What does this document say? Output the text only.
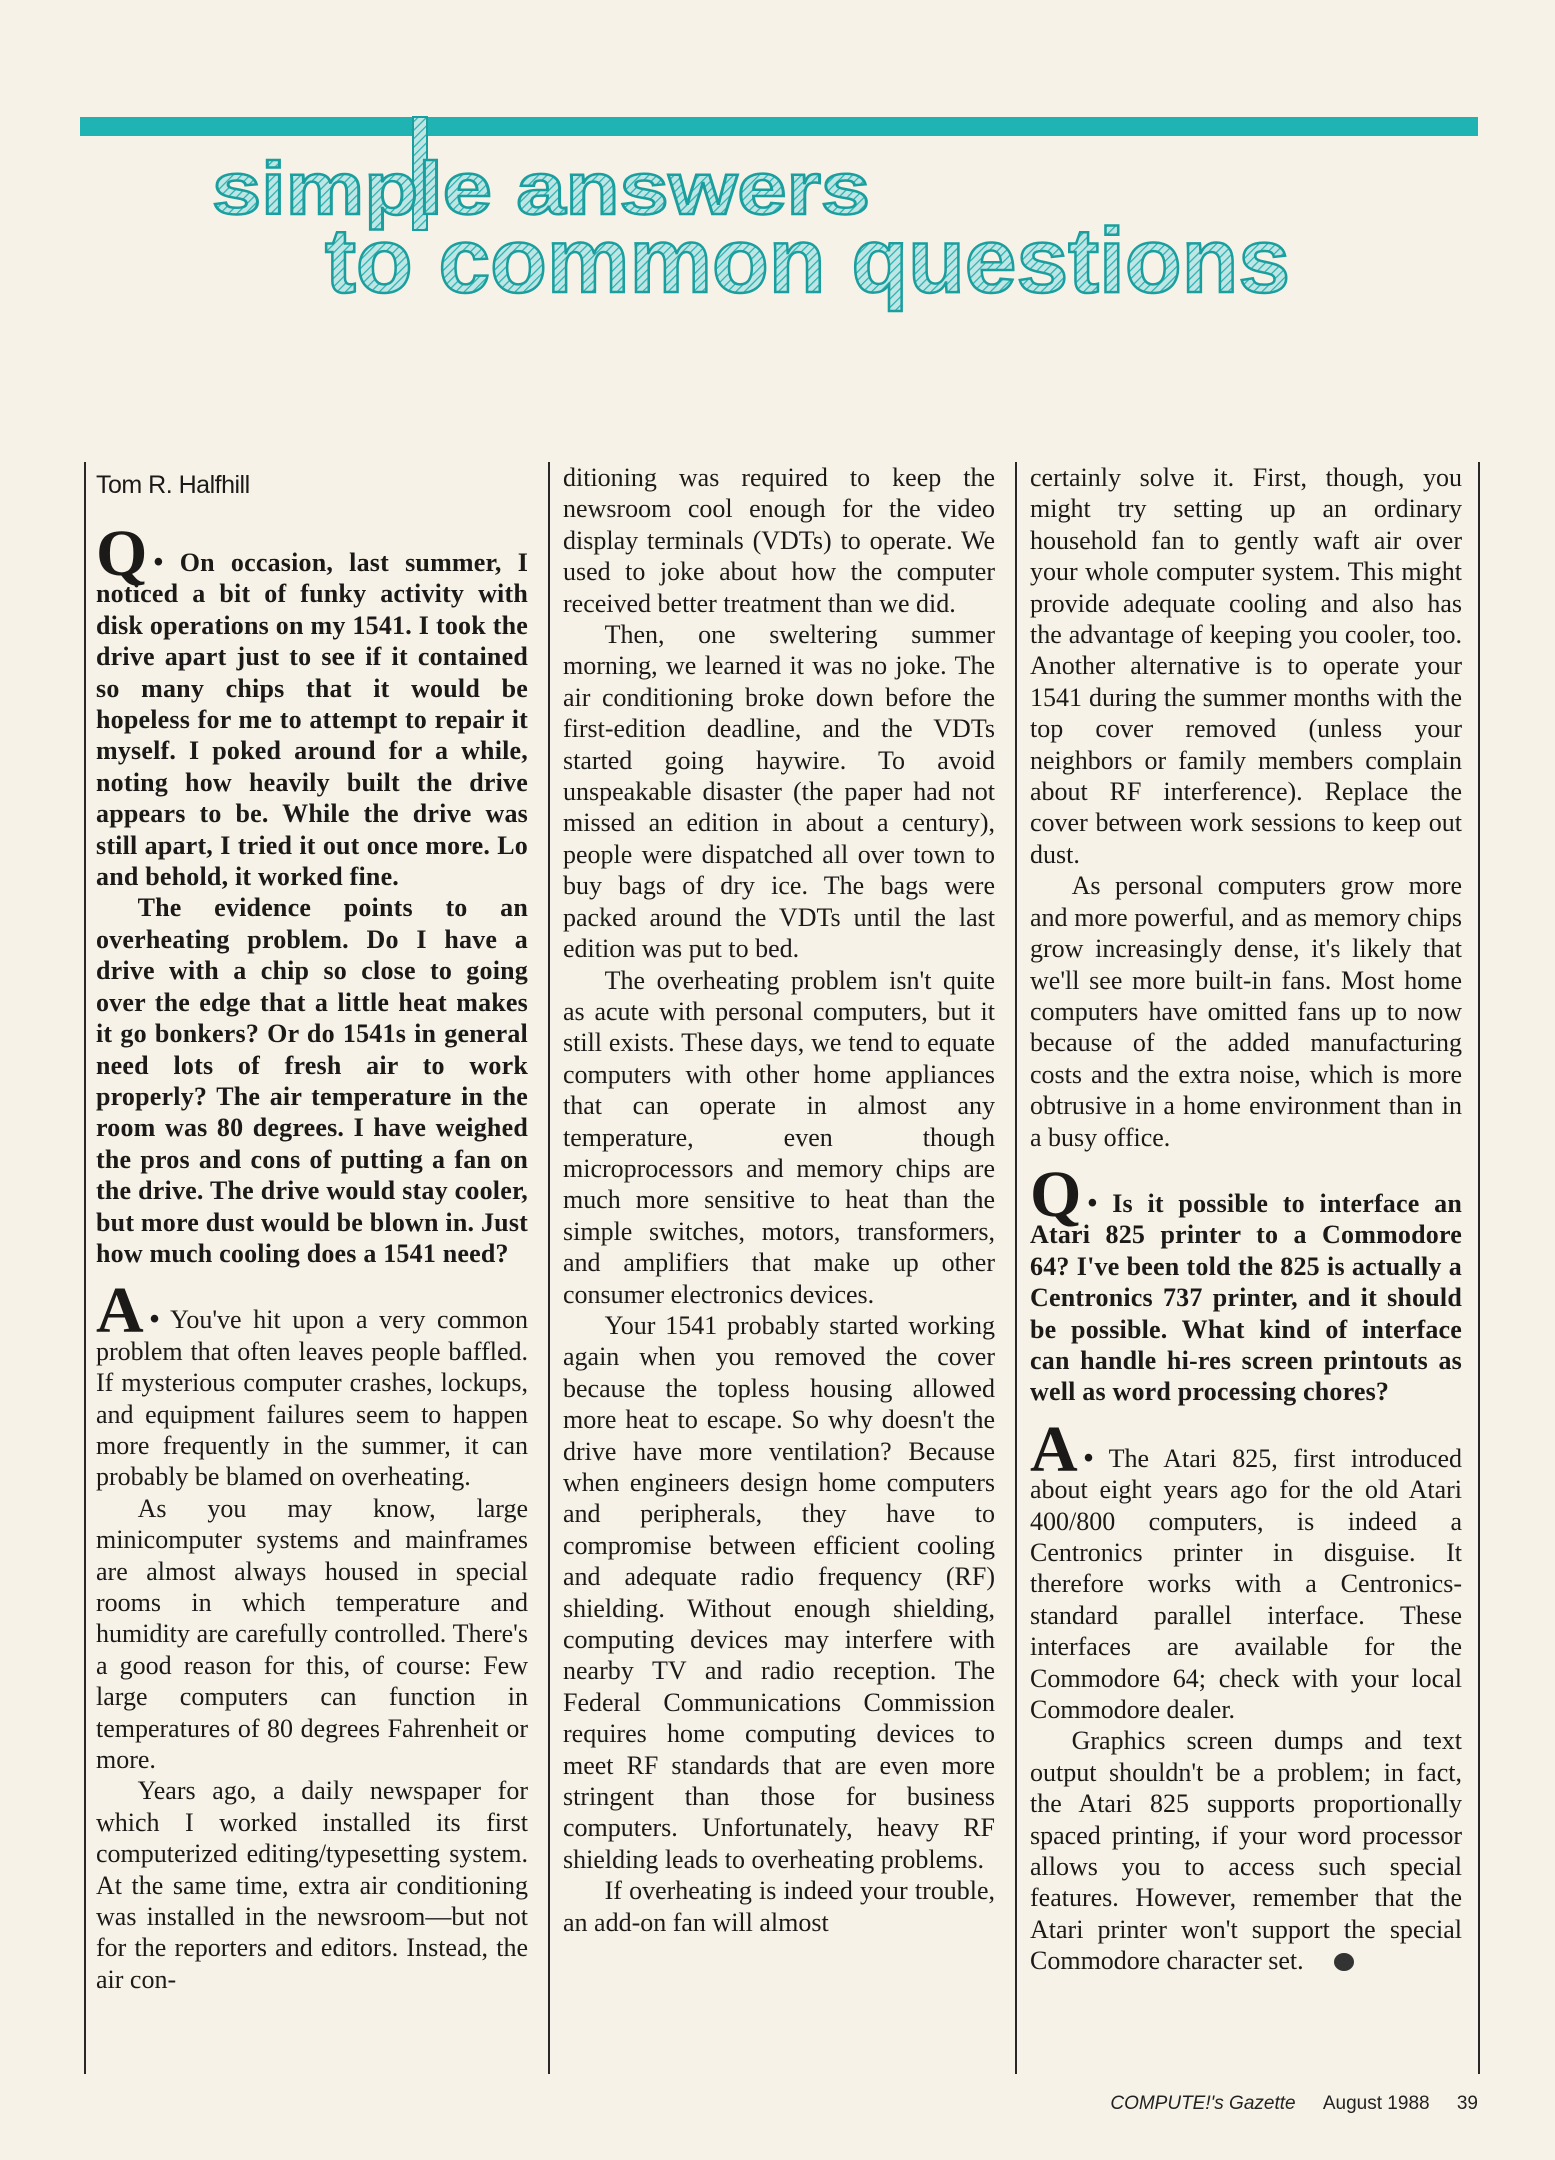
simple answers
to common questions
Tom R. Halfhill

Q • On occasion, last summer, I noticed a bit of funky activity with disk operations on my 1541. I took the drive apart just to see if it contained so many chips that it would be hopeless for me to attempt to repair it myself. I poked around for a while, noting how heavily built the drive appears to be. While the drive was still apart, I tried it out once more. Lo and behold, it worked fine.

The evidence points to an overheating problem. Do I have a drive with a chip so close to going over the edge that a little heat makes it go bonkers? Or do 1541s in general need lots of fresh air to work properly? The air temperature in the room was 80 degrees. I have weighed the pros and cons of putting a fan on the drive. The drive would stay cooler, but more dust would be blown in. Just how much cooling does a 1541 need?

A • You've hit upon a very common problem that often leaves people baffled. If mysterious computer crashes, lockups, and equipment failures seem to happen more frequently in the summer, it can probably be blamed on overheating.

As you may know, large minicomputer systems and mainframes are almost always housed in special rooms in which temperature and humidity are carefully controlled. There's a good reason for this, of course: Few large computers can function in temperatures of 80 degrees Fahrenheit or more.

Years ago, a daily newspaper for which I worked installed its first computerized editing/typesetting system. At the same time, extra air conditioning was installed in the newsroom—but not for the reporters and editors. Instead, the air con-

ditioning was required to keep the newsroom cool enough for the video display terminals (VDTs) to operate. We used to joke about how the computer received better treatment than we did.

Then, one sweltering summer morning, we learned it was no joke. The air conditioning broke down before the first-edition deadline, and the VDTs started going haywire. To avoid unspeakable disaster (the paper had not missed an edition in about a century), people were dispatched all over town to buy bags of dry ice. The bags were packed around the VDTs until the last edition was put to bed.

The overheating problem isn't quite as acute with personal computers, but it still exists. These days, we tend to equate computers with other home appliances that can operate in almost any temperature, even though microprocessors and memory chips are much more sensitive to heat than the simple switches, motors, transformers, and amplifiers that make up other consumer electronics devices.

Your 1541 probably started working again when you removed the cover because the topless housing allowed more heat to escape. So why doesn't the drive have more ventilation? Because when engineers design home computers and peripherals, they have to compromise between efficient cooling and adequate radio frequency (RF) shielding. Without enough shielding, computing devices may interfere with nearby TV and radio reception. The Federal Communications Commission requires home computing devices to meet RF standards that are even more stringent than those for business computers. Unfortunately, heavy RF shielding leads to overheating problems.

If overheating is indeed your trouble, an add-on fan will almost

certainly solve it. First, though, you might try setting up an ordinary household fan to gently waft air over your whole computer system. This might provide adequate cooling and also has the advantage of keeping you cooler, too. Another alternative is to operate your 1541 during the summer months with the top cover removed (unless your neighbors or family members complain about RF interference). Replace the cover between work sessions to keep out dust.

As personal computers grow more and more powerful, and as memory chips grow increasingly dense, it's likely that we'll see more built-in fans. Most home computers have omitted fans up to now because of the added manufacturing costs and the extra noise, which is more obtrusive in a home environment than in a busy office.

Q • Is it possible to interface an Atari 825 printer to a Commodore 64? I've been told the 825 is actually a Centronics 737 printer, and it should be possible. What kind of interface can handle hi-res screen printouts as well as word processing chores?

A • The Atari 825, first introduced about eight years ago for the old Atari 400/800 computers, is indeed a Centronics printer in disguise. It therefore works with a Centronics-standard parallel interface. These interfaces are available for the Commodore 64; check with your local Commodore dealer.

Graphics screen dumps and text output shouldn't be a problem; in fact, the Atari 825 supports proportionally spaced printing, if your word processor allows you to access such special features. However, remember that the Atari printer won't support the special Commodore character set.

COMPUTE!'s Gazette August 1988 39
